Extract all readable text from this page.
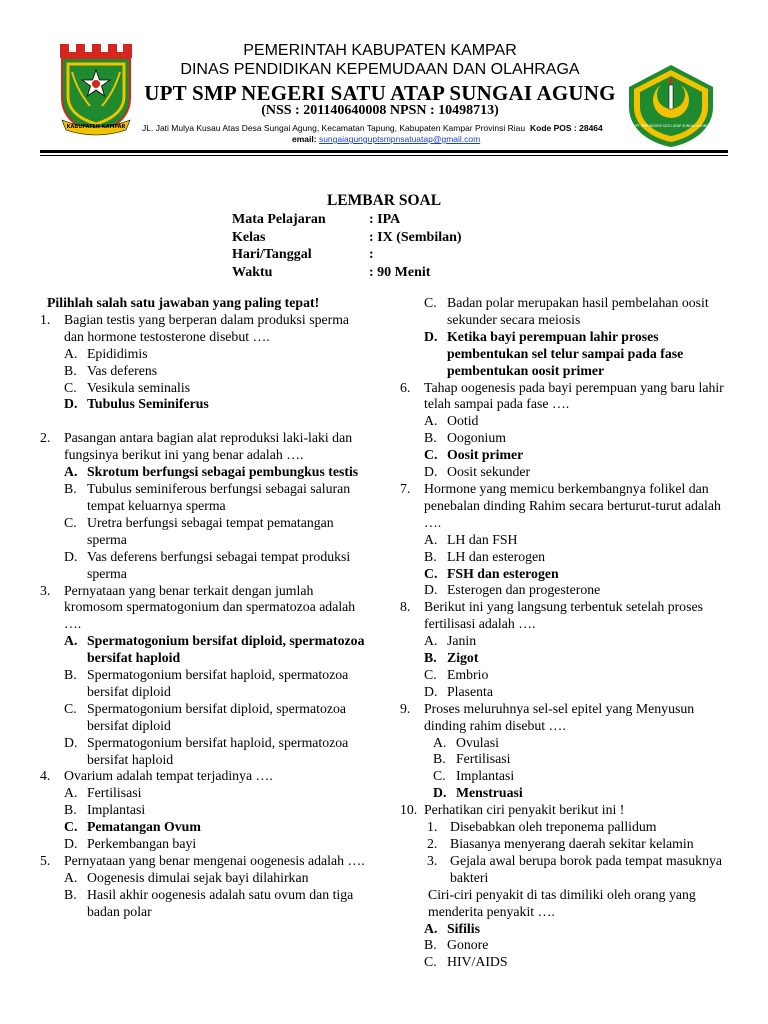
KABUPATEN KAMPAR
PEMERINTAH KABUPATEN KAMPAR
DINAS PENDIDIKAN KEPEMUDAAN DAN OLAHRAGA
UPT SMP NEGERI SATU ATAP SUNGAI AGUNG
(NSS : 201140640008 NPSN : 10498713)
JL. Jati Mulya Kusau Atas Desa Sungai Agung, Kecamatan Tapung, Kabupaten Kampar Provinsi Riau Kode POS : 28464
email: sungaiagunguptsmpnsatuatap@gmail.com
UPT SMP NEGERI SATU ATAP SUNGAI AGUNG
LEMBAR SOAL
Mata Pelajaran	: IPA
Kelas	: IX (Sembilan)
Hari/Tanggal	:
Waktu	: 90 Menit
Pilihlah salah satu jawaban yang paling tepat!
1. Bagian testis yang berperan dalam produksi sperma dan hormone testosterone disebut ….
A. Epididimis
B. Vas deferens
C. Vesikula seminalis
D. Tubulus Seminiferus
2. Pasangan antara bagian alat reproduksi laki-laki dan fungsinya berikut ini yang benar adalah ….
A. Skrotum berfungsi sebagai pembungkus testis
B. Tubulus seminiferous berfungsi sebagai saluran tempat keluarnya sperma
C. Uretra berfungsi sebagai tempat pematangan sperma
D. Vas deferens berfungsi sebagai tempat produksi sperma
3. Pernyataan yang benar terkait dengan jumlah kromosom spermatogonium dan spermatozoa adalah ….
A. Spermatogonium bersifat diploid, spermatozoa bersifat haploid
B. Spermatogonium bersifat haploid, spermatozoa bersifat diploid
C. Spermatogonium bersifat diploid, spermatozoa bersifat diploid
D. Spermatogonium bersifat haploid, spermatozoa bersifat haploid
4. Ovarium adalah tempat terjadinya ….
A. Fertilisasi
B. Implantasi
C. Pematangan Ovum
D. Perkembangan bayi
5. Pernyataan yang benar mengenai oogenesis adalah ….
A. Oogenesis dimulai sejak bayi dilahirkan
B. Hasil akhir oogenesis adalah satu ovum dan tiga badan polar
C. Badan polar merupakan hasil pembelahan oosit sekunder secara meiosis
D. Ketika bayi perempuan lahir proses pembentukan sel telur sampai pada fase pembentukan oosit primer
6. Tahap oogenesis pada bayi perempuan yang baru lahir telah sampai pada fase ….
A. Ootid
B. Oogonium
C. Oosit primer
D. Oosit sekunder
7. Hormone yang memicu berkembangnya folikel dan penebalan dinding Rahim secara berturut-turut adalah ….
A. LH dan FSH
B. LH dan esterogen
C. FSH dan esterogen
D. Esterogen dan progesterone
8. Berikut ini yang langsung terbentuk setelah proses fertilisasi adalah ….
A. Janin
B. Zigot
C. Embrio
D. Plasenta
9. Proses meluruhnya sel-sel epitel yang Menyusun dinding rahim disebut ….
A. Ovulasi
B. Fertilisasi
C. Implantasi
D. Menstruasi
10. Perhatikan ciri penyakit berikut ini !
1. Disebabkan oleh treponema pallidum
2. Biasanya menyerang daerah sekitar kelamin
3. Gejala awal berupa borok pada tempat masuknya bakteri
Ciri-ciri penyakit di tas dimiliki oleh orang yang menderita penyakit ….
A. Sifilis
B. Gonore
C. HIV/AIDS
